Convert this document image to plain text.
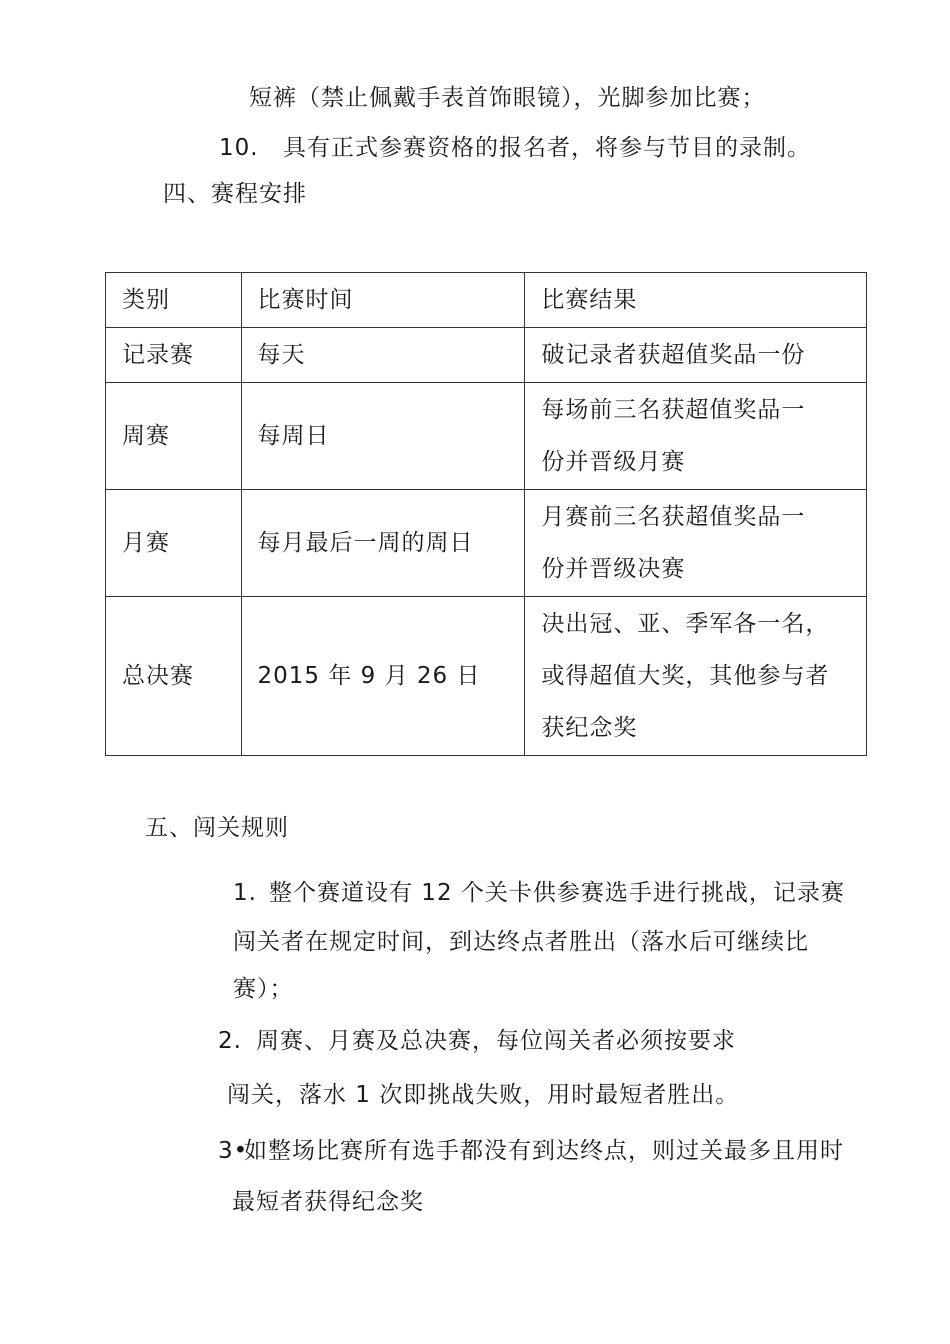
短裤（禁止佩戴手表首饰眼镜），光脚参加比赛；
10. 具有正式参赛资格的报名者，将参与节目的录制。
四、赛程安排
类别	比赛时间	比赛结果
记录赛	每天	破记录者获超值奖品一份

周赛	每周日	每场前三名获超值奖品一
份并晋级月赛

月赛	每月最后一周的周日	月赛前三名获超值奖品一
份并晋级决赛

总决赛	2015 年 9 月 26 日	决出冠、亚、季军各一名，
或得超值大奖，其他参与者
获纪念奖
五、闯关规则
1. 整个赛道设有 12 个关卡供参赛选手进行挑战，记录赛
闯关者在规定时间，到达终点者胜出（落水后可继续比
赛）；
2. 周赛、月赛及总决赛，每位闯关者必须按要求
闯关，落水 1 次即挑战失败，用时最短者胜出。
3•如整场比赛所有选手都没有到达终点，则过关最多且用时
最短者获得纪念奖
